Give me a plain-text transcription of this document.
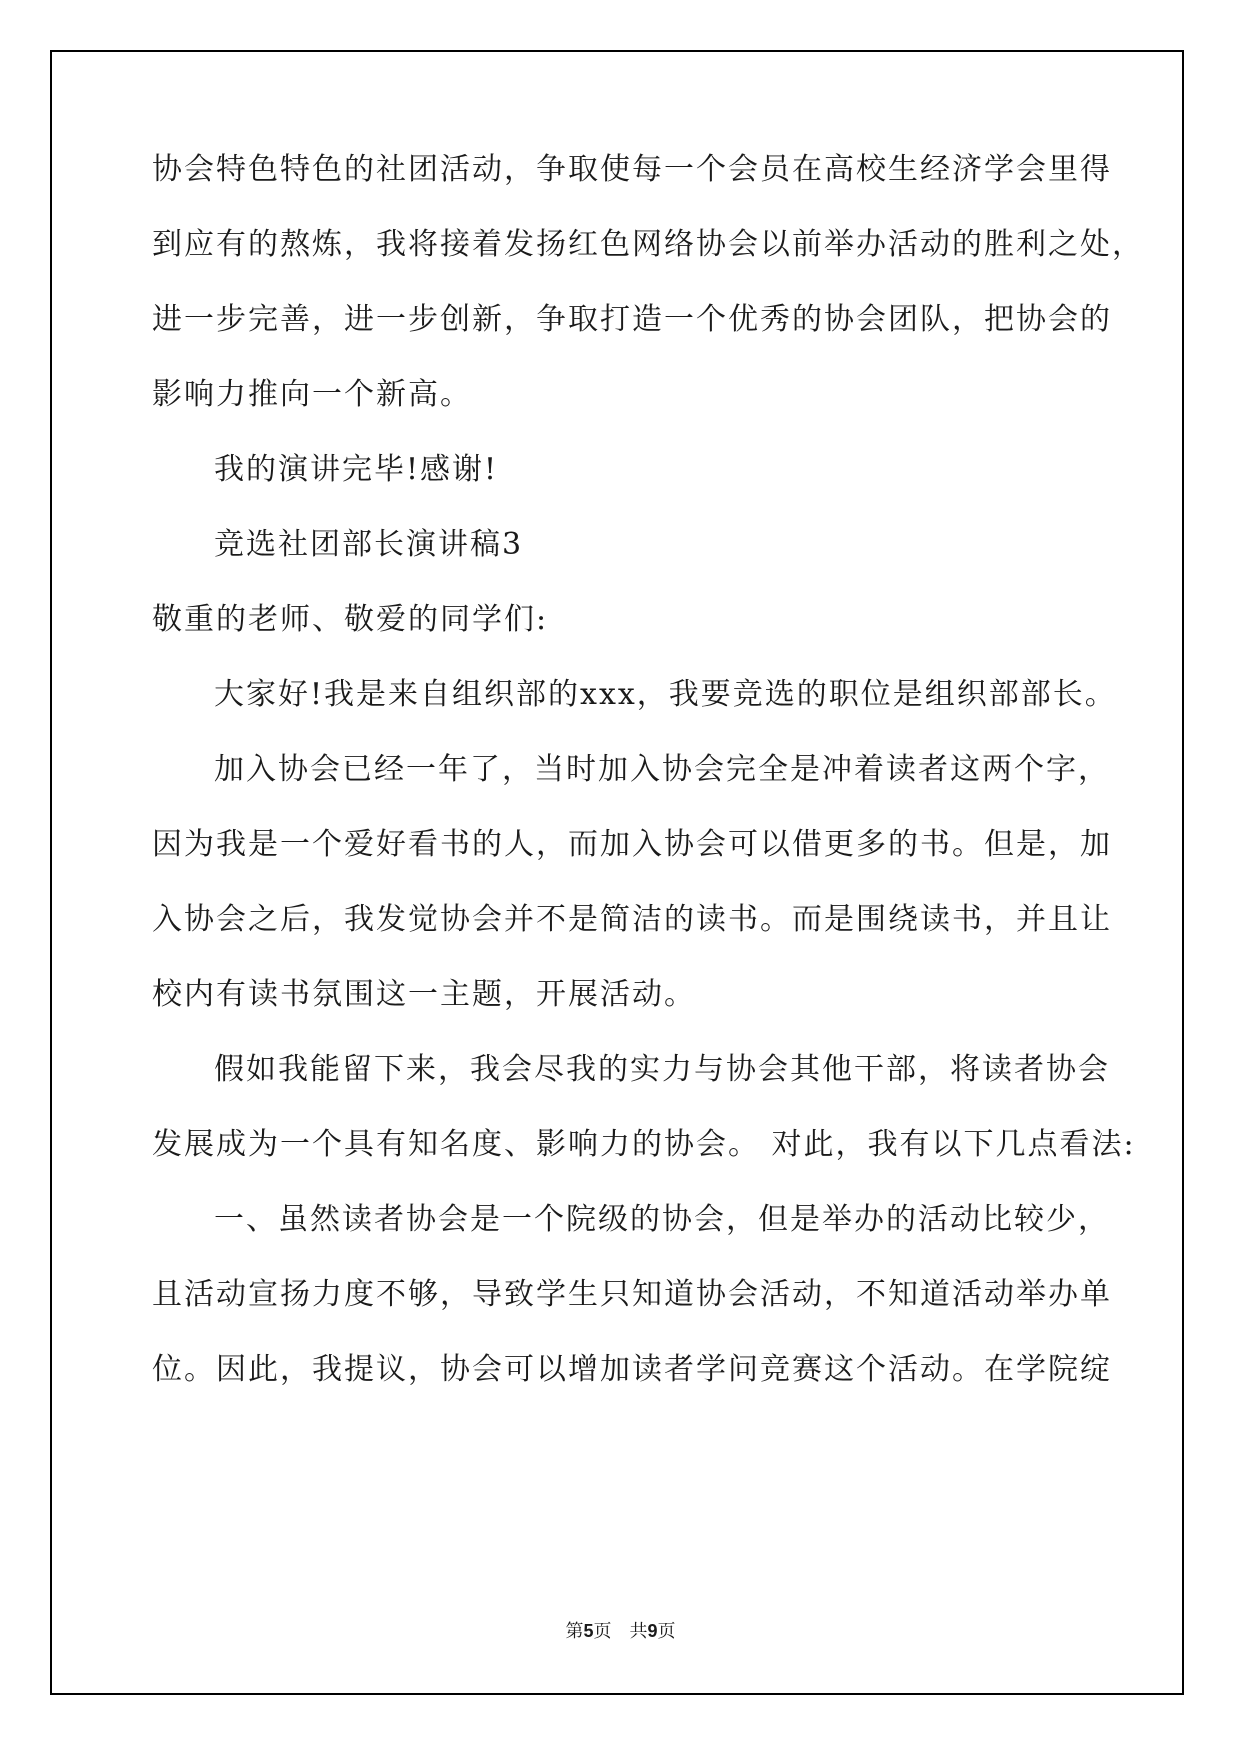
协会特色特色的社团活动，争取使每一个会员在高校生经济学会里得

到应有的熬炼，我将接着发扬红色网络协会以前举办活动的胜利之处，

进一步完善，进一步创新，争取打造一个优秀的协会团队，把协会的

影响力推向一个新高。

我的演讲完毕!感谢!

竞选社团部长演讲稿3

敬重的老师、敬爱的同学们:

大家好!我是来自组织部的xxx，我要竞选的职位是组织部部长。

加入协会已经一年了，当时加入协会完全是冲着读者这两个字，

因为我是一个爱好看书的人，而加入协会可以借更多的书。但是，加

入协会之后，我发觉协会并不是简洁的读书。而是围绕读书，并且让

校内有读书氛围这一主题，开展活动。

假如我能留下来，我会尽我的实力与协会其他干部，将读者协会

发展成为一个具有知名度、影响力的协会。 对此，我有以下几点看法:

一、虽然读者协会是一个院级的协会，但是举办的活动比较少，

且活动宣扬力度不够，导致学生只知道协会活动，不知道活动举办单

位。因此，我提议，协会可以增加读者学问竞赛这个活动。在学院绽

第5页 共9页
